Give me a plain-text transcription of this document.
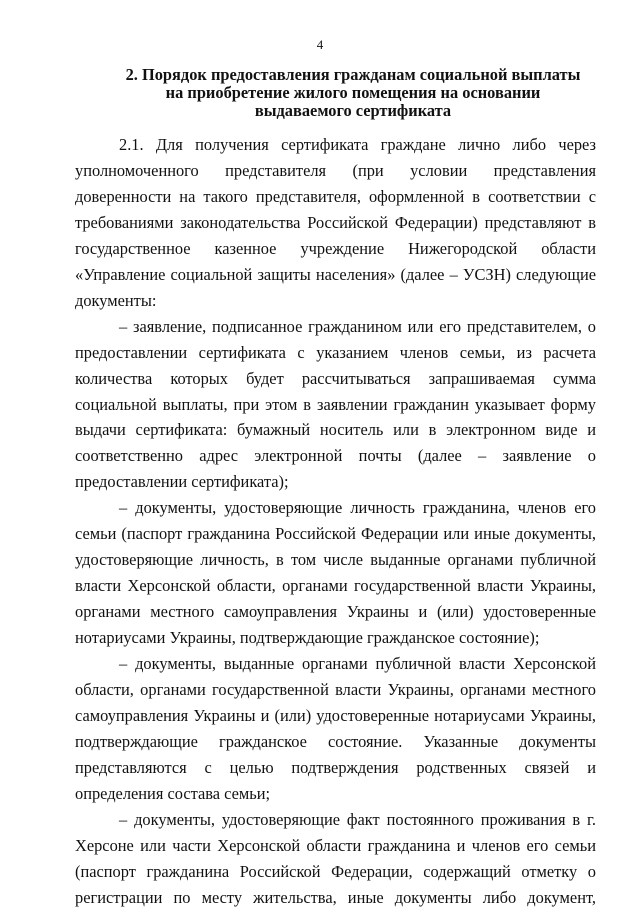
4
2. Порядок предоставления гражданам социальной выплаты на приобретение жилого помещения на основании выдаваемого сертификата

2.1. Для получения сертификата граждане лично либо через уполномоченного представителя (при условии представления доверенности на такого представителя, оформленной в соответствии с требованиями законодательства Российской Федерации) представляют в государственное казенное учреждение Нижегородской области «Управление социальной защиты населения» (далее – УСЗН) следующие документы:

– заявление, подписанное гражданином или его представителем, о предоставлении сертификата с указанием членов семьи, из расчета количества которых будет рассчитываться запрашиваемая сумма социальной выплаты, при этом в заявлении гражданин указывает форму выдачи сертификата: бумажный носитель или в электронном виде и соответственно адрес электронной почты (далее – заявление о предоставлении сертификата);

– документы, удостоверяющие личность гражданина, членов его семьи (паспорт гражданина Российской Федерации или иные документы, удостоверяющие личность, в том числе выданные органами публичной власти Херсонской области, органами государственной власти Украины, органами местного самоуправления Украины и (или) удостоверенные нотариусами Украины, подтверждающие гражданское состояние);

– документы, выданные органами публичной власти Херсонской области, органами государственной власти Украины, органами местного самоуправления Украины и (или) удостоверенные нотариусами Украины, подтверждающие гражданское состояние. Указанные документы представляются с целью подтверждения родственных связей и определения состава семьи;

– документы, удостоверяющие факт постоянного проживания в г. Херсоне или части Херсонской области гражданина и членов его семьи (паспорт гражданина Российской Федерации, содержащий отметку о регистрации по месту жительства, иные документы либо документ,
